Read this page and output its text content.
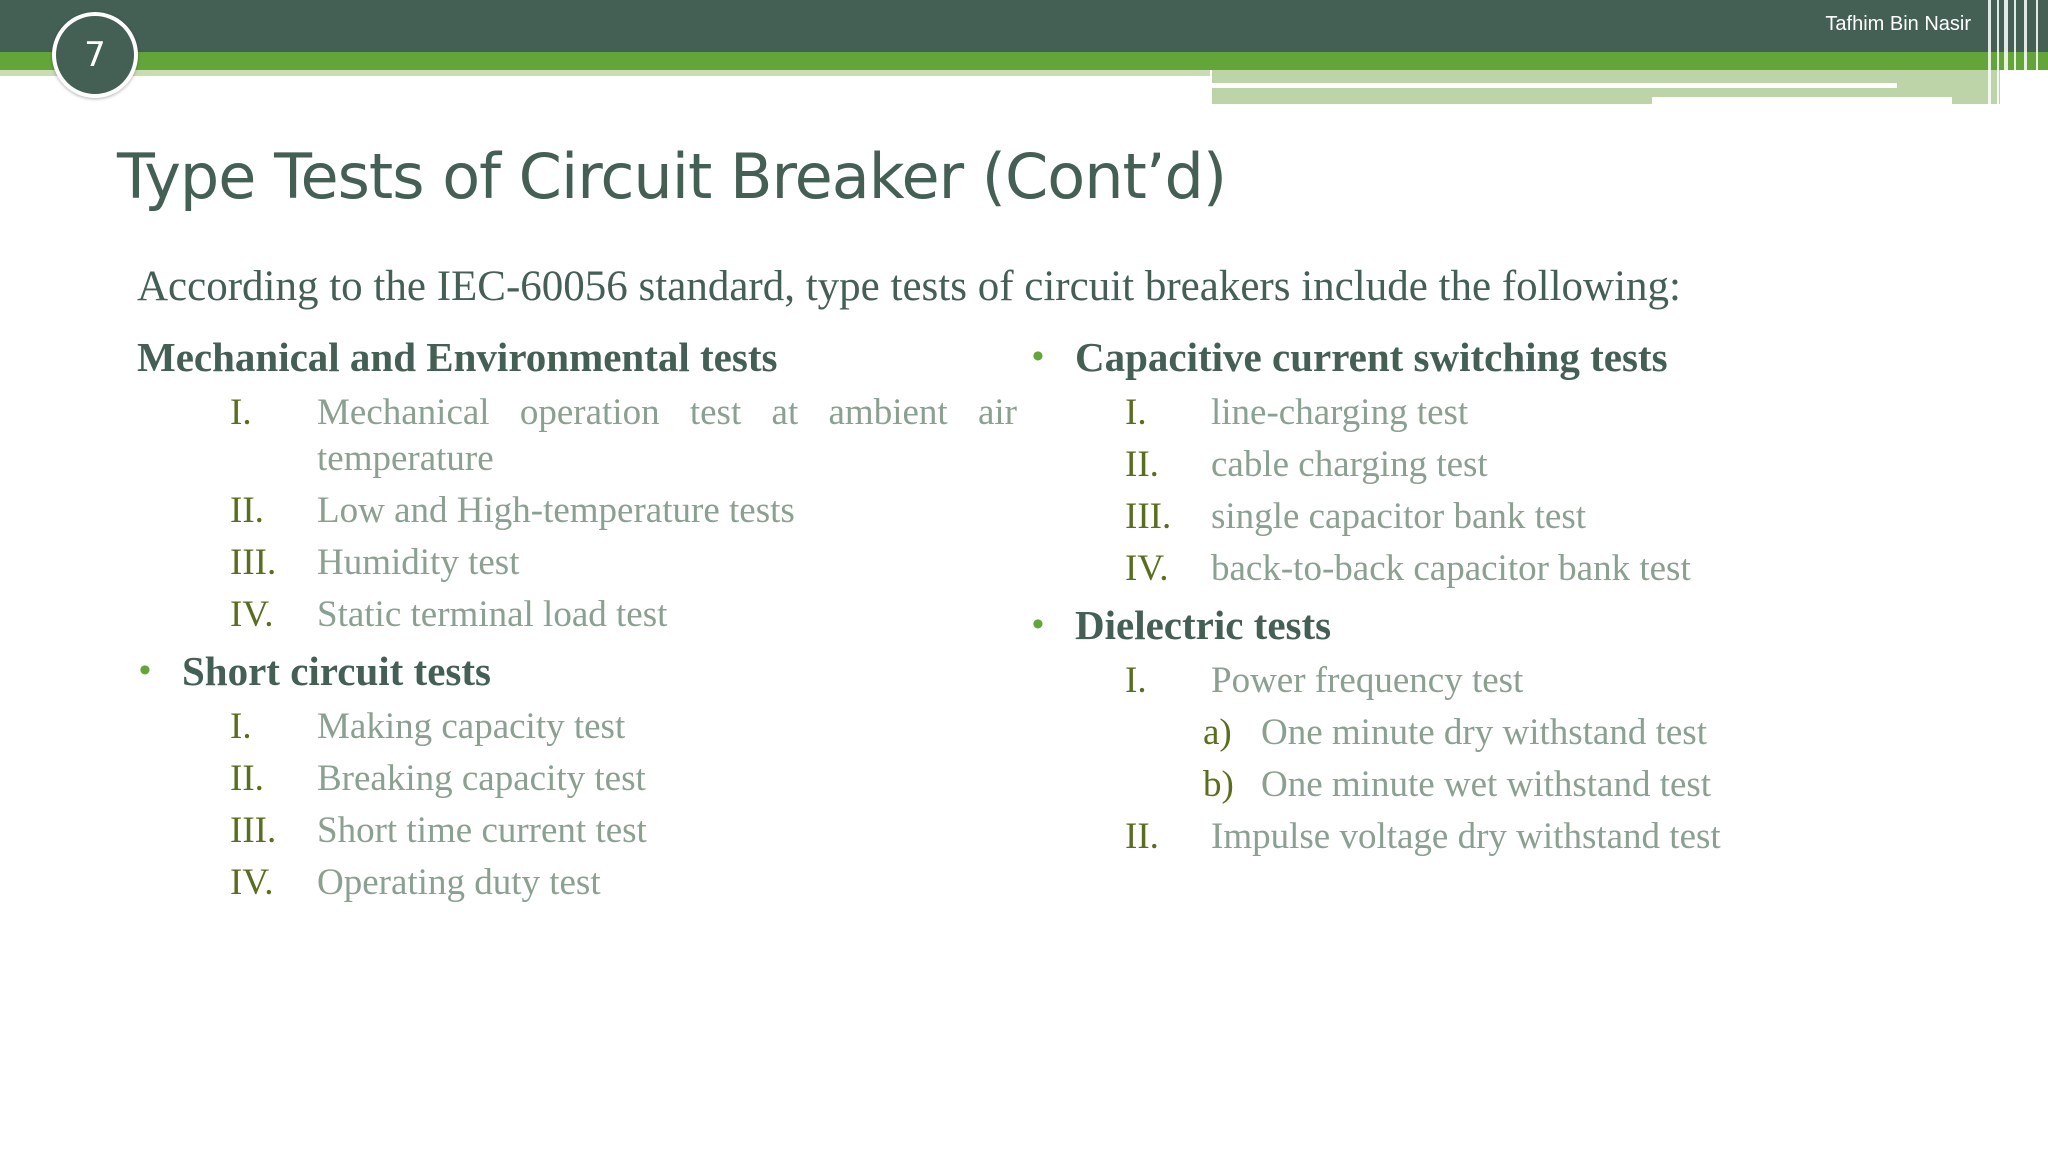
Tafhim Bin Nasir
7
Type Tests of Circuit Breaker (Cont’d)
According to the IEC-60056 standard, type tests of circuit breakers include the following:
Mechanical and Environmental tests
I.	Mechanical operation test at ambient air temperature
II.	Low and High-temperature tests
III.	Humidity test
IV.	Static terminal load test
• Short circuit tests
I.	Making capacity test
II.	Breaking capacity test
III.	Short time current test
IV.	Operating duty test
• Capacitive current switching tests
I.	line-charging test
II.	cable charging test
III.	single capacitor bank test
IV.	back-to-back capacitor bank test
• Dielectric tests
I.	Power frequency test
a) One minute dry withstand test
b) One minute wet withstand test
II.	Impulse voltage dry withstand test
